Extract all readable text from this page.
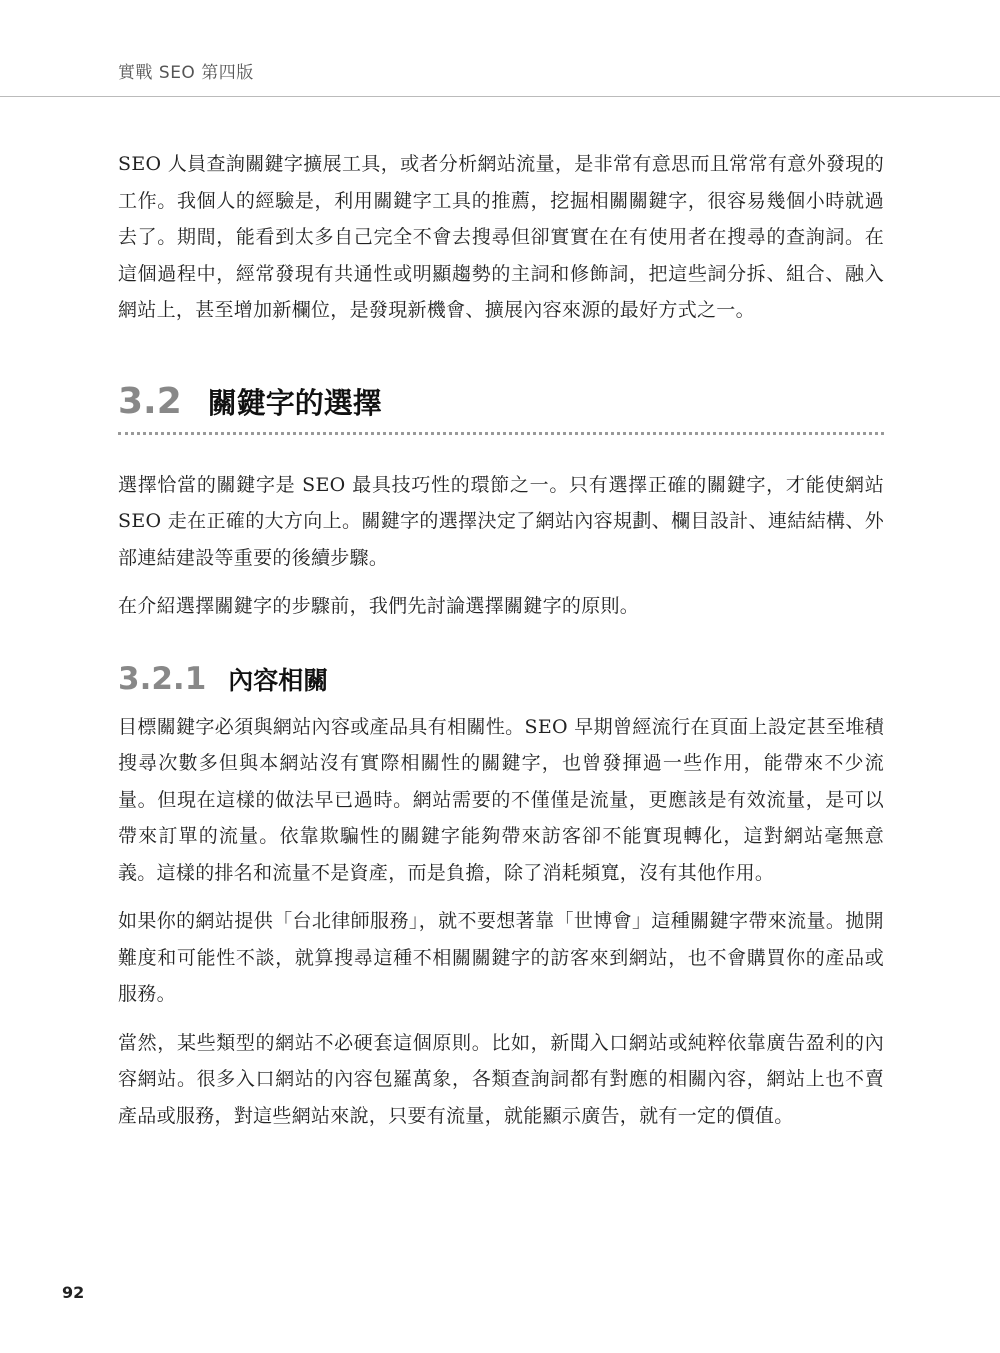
實戰 SEO 第四版

SEO 人員查詢關鍵字擴展工具，或者分析網站流量，是非常有意思而且常常有意外發現的工作。我個人的經驗是，利用關鍵字工具的推薦，挖掘相關關鍵字，很容易幾個小時就過去了。期間，能看到太多自己完全不會去搜尋但卻實實在在有使用者在搜尋的查詢詞。在這個過程中，經常發現有共通性或明顯趨勢的主詞和修飾詞，把這些詞分拆、組合、融入網站上，甚至增加新欄位，是發現新機會、擴展內容來源的最好方式之一。

3.2 關鍵字的選擇

選擇恰當的關鍵字是 SEO 最具技巧性的環節之一。只有選擇正確的關鍵字，才能使網站 SEO 走在正確的大方向上。關鍵字的選擇決定了網站內容規劃、欄目設計、連結結構、外部連結建設等重要的後續步驟。

在介紹選擇關鍵字的步驟前，我們先討論選擇關鍵字的原則。

3.2.1 內容相關

目標關鍵字必須與網站內容或產品具有相關性。SEO 早期曾經流行在頁面上設定甚至堆積搜尋次數多但與本網站沒有實際相關性的關鍵字，也曾發揮過一些作用，能帶來不少流量。但現在這樣的做法早已過時。網站需要的不僅僅是流量，更應該是有效流量，是可以帶來訂單的流量。依靠欺騙性的關鍵字能夠帶來訪客卻不能實現轉化，這對網站毫無意義。這樣的排名和流量不是資產，而是負擔，除了消耗頻寬，沒有其他作用。

如果你的網站提供「台北律師服務」，就不要想著靠「世博會」這種關鍵字帶來流量。拋開難度和可能性不談，就算搜尋這種不相關關鍵字的訪客來到網站，也不會購買你的產品或服務。

當然，某些類型的網站不必硬套這個原則。比如，新聞入口網站或純粹依靠廣告盈利的內容網站。很多入口網站的內容包羅萬象，各類查詢詞都有對應的相關內容，網站上也不賣產品或服務，對這些網站來說，只要有流量，就能顯示廣告，就有一定的價值。

92
